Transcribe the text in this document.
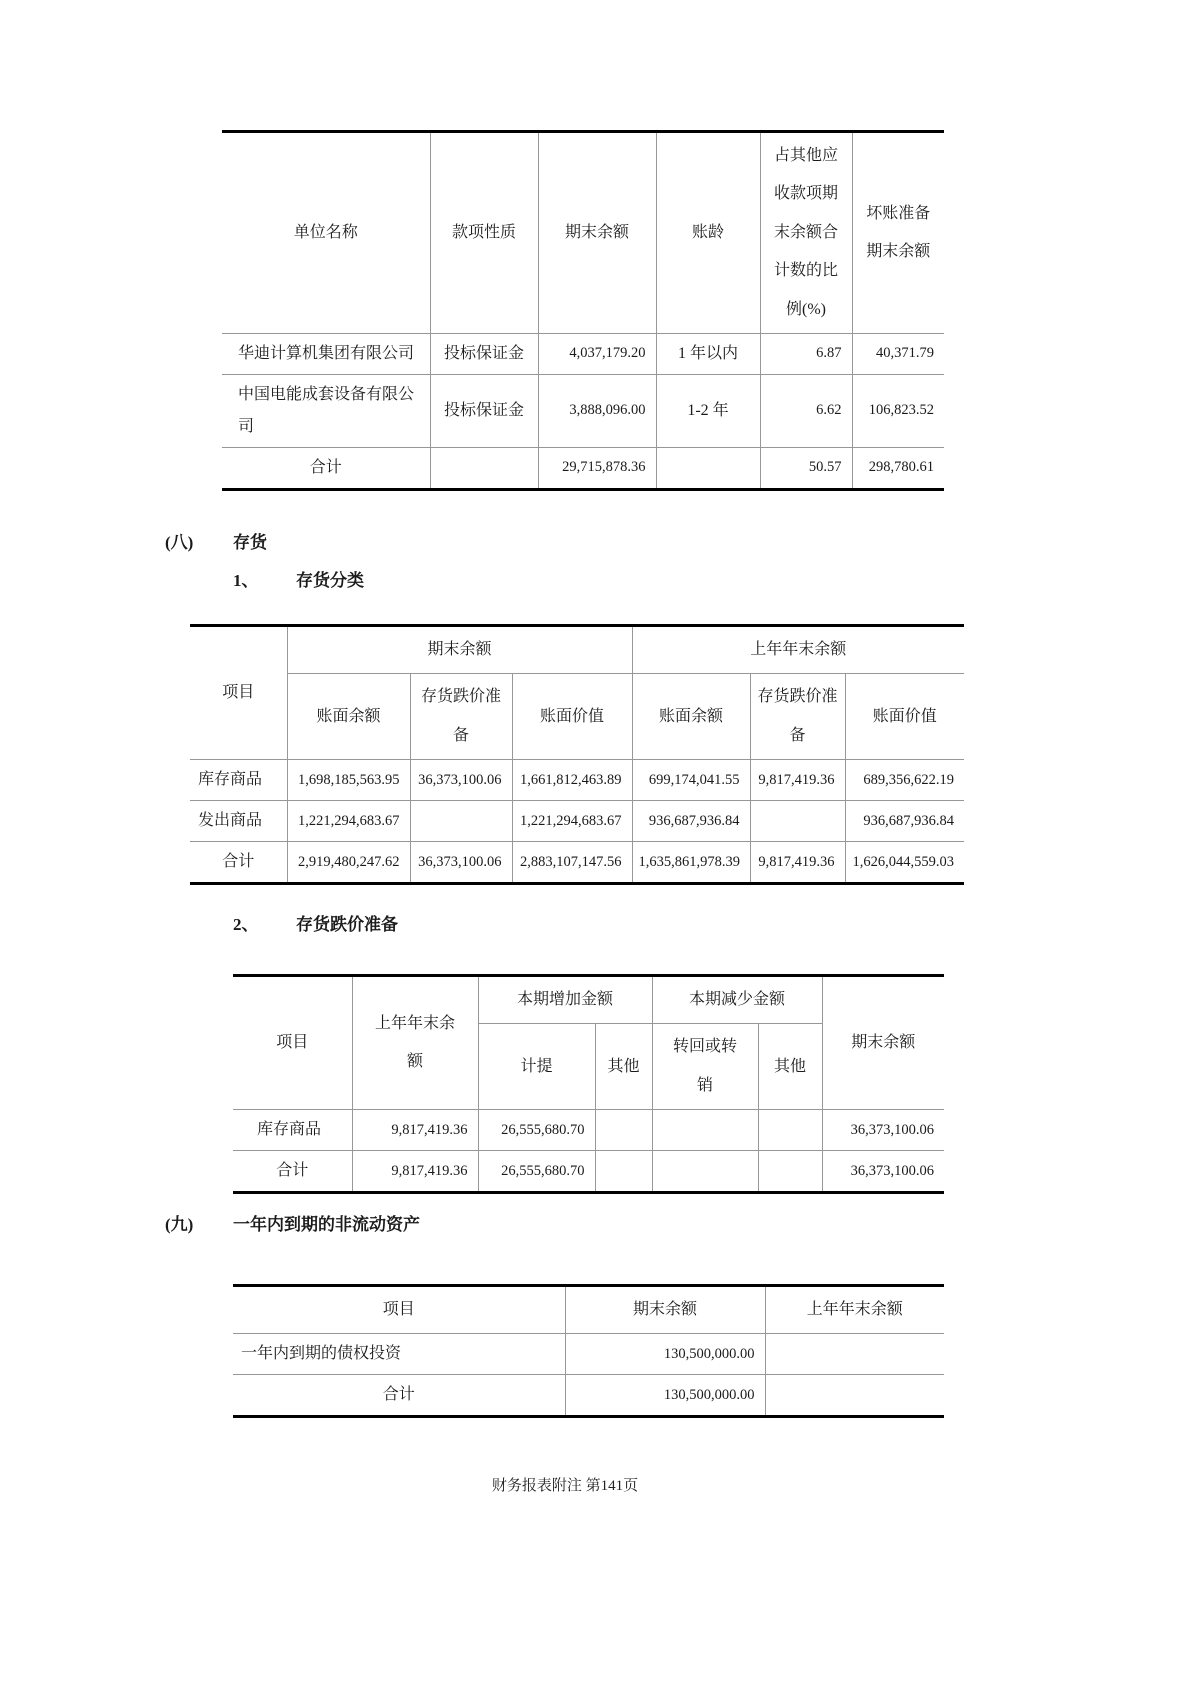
单位名称	款项性质	期末余额	账龄	占其他应收款项期末余额合计数的比例(%)	坏账准备期末余额
华迪计算机集团有限公司	投标保证金	4,037,179.20	1 年以内	6.87	40,371.79
中国电能成套设备有限公司	投标保证金	3,888,096.00	1-2 年	6.62	106,823.52
合计		29,715,878.36		50.57	298,780.61
(八) 存货
1、 存货分类
项目	期末余额			上年年末余额		
	账面余额	存货跌价准备	账面价值	账面余额	存货跌价准备	账面价值
库存商品	1,698,185,563.95	36,373,100.06	1,661,812,463.89	699,174,041.55	9,817,419.36	689,356,622.19
发出商品	1,221,294,683.67		1,221,294,683.67	936,687,936.84		936,687,936.84
合计	2,919,480,247.62	36,373,100.06	2,883,107,147.56	1,635,861,978.39	9,817,419.36	1,626,044,559.03
2、 存货跌价准备
项目	上年年末余额	本期增加金额		本期减少金额		期末余额
		计提	其他	转回或转销	其他	
库存商品	9,817,419.36	26,555,680.70				36,373,100.06
合计	9,817,419.36	26,555,680.70				36,373,100.06
(九) 一年内到期的非流动资产
项目	期末余额	上年年末余额
一年内到期的债权投资	130,500,000.00	
合计	130,500,000.00	
财务报表附注 第141页
